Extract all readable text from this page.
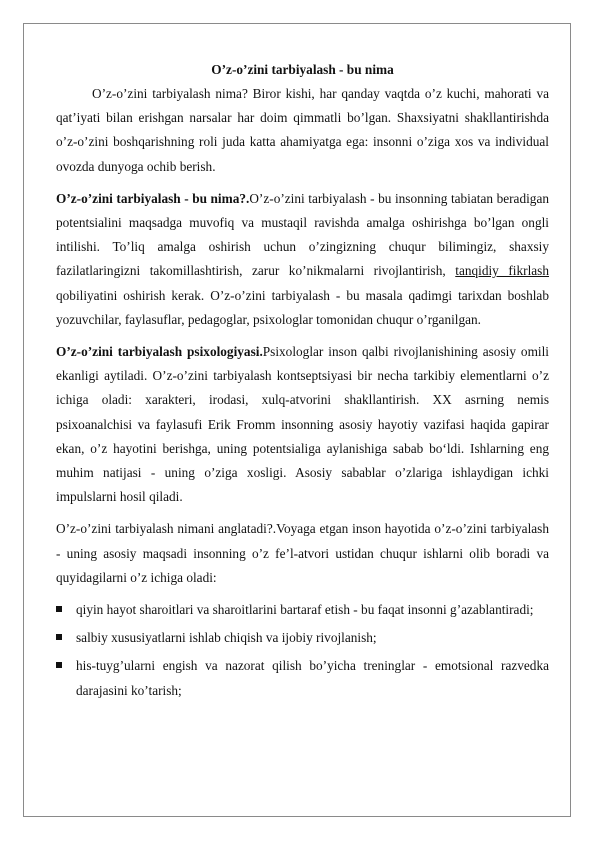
O’z-o’zini tarbiyalash - bu nima

O’z-o’zini tarbiyalash nima? Biror kishi, har qanday vaqtda o’z kuchi, mahorati va qat’iyati bilan erishgan narsalar har doim qimmatli bo’lgan. Shaxsiyatni shakllantirishda o’z-o’zini boshqarishning roli juda katta ahamiyatga ega: insonni o’ziga xos va individual ovozda dunyoga ochib berish.

O’z-o’zini tarbiyalash - bu nima?.O’z-o’zini tarbiyalash - bu insonning tabiatan beradigan potentsialini maqsadga muvofiq va mustaqil ravishda amalga oshirishga bo’lgan ongli intilishi. To’liq amalga oshirish uchun o’zingizning chuqur bilimingiz, shaxsiy fazilatlaringizni takomillashtirish, zarur ko’nikmalarni rivojlantirish, tanqidiy fikrlash qobiliyatini oshirish kerak. O’z-o’zini tarbiyalash - bu masala qadimgi tarixdan boshlab yozuvchilar, faylasuflar, pedagoglar, psixologlar tomonidan chuqur o’rganilgan.

O’z-o’zini tarbiyalash psixologiyasi.Psixologlar inson qalbi rivojlanishining asosiy omili ekanligi aytiladi. O’z-o’zini tarbiyalash kontseptsiyasi bir necha tarkibiy elementlarni o’z ichiga oladi: xarakteri, irodasi, xulq-atvorini shakllantirish. XX asrning nemis psixoanalchisi va faylasufi Erik Fromm insonning asosiy hayotiy vazifasi haqida gapirar ekan, o’z hayotini berishga, uning potentsialiga aylanishiga sabab bo‘ldi. Ishlarning eng muhim natijasi - uning o’ziga xosligi. Asosiy sabablar o’zlariga ishlaydigan ichki impulslarni hosil qiladi.

O’z-o’zini tarbiyalash nimani anglatadi?.Voyaga etgan inson hayotida o’z-o’zini tarbiyalash - uning asosiy maqsadi insonning o’z fe’l-atvori ustidan chuqur ishlarni olib boradi va quyidagilarni o’z ichiga oladi:

qiyin hayot sharoitlari va sharoitlarini bartaraf etish - bu faqat insonni g’azablantiradi;
salbiy xususiyatlarni ishlab chiqish va ijobiy rivojlanish;
his-tuyg’ularni engish va nazorat qilish bo’yicha treninglar - emotsional razvedka darajasini ko’tarish;
